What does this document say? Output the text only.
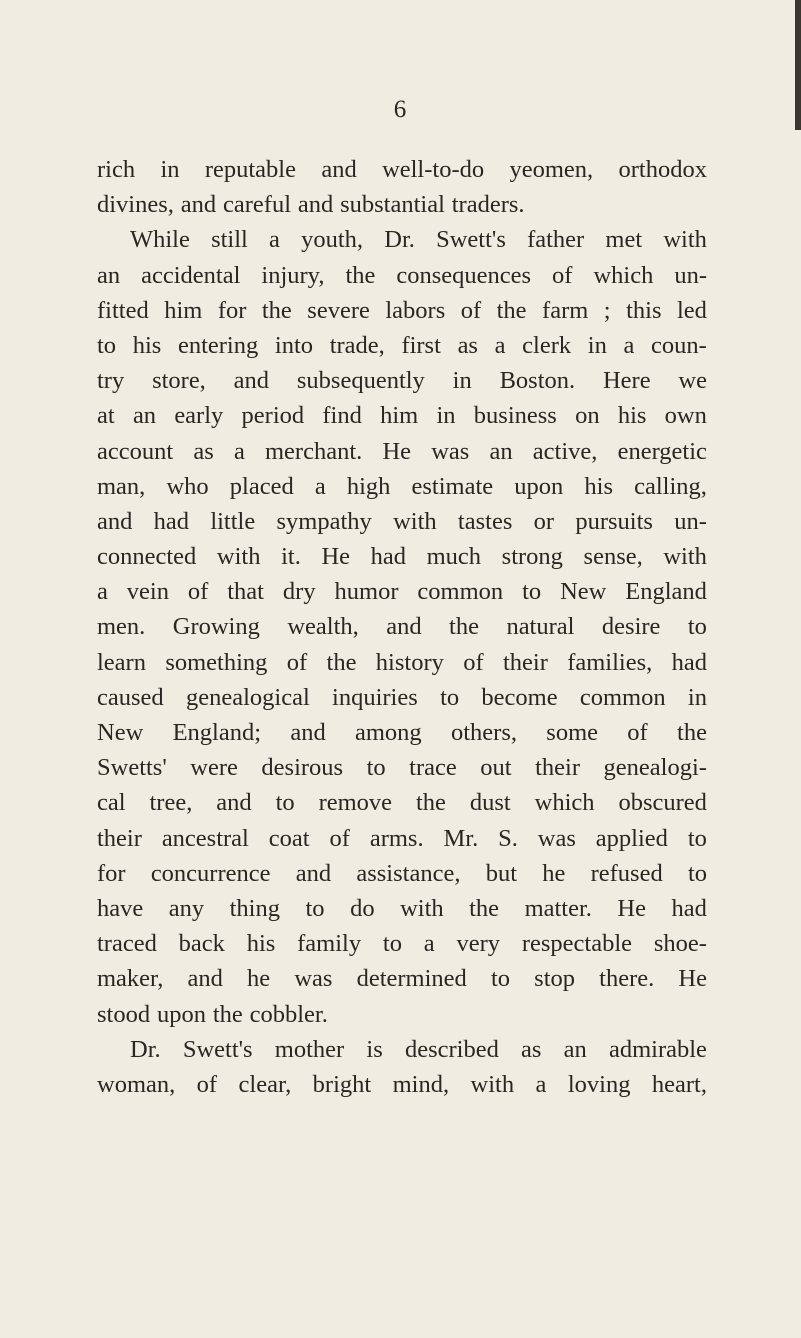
6
rich in reputable and well-to-do yeomen, orthodox
divines, and careful and substantial traders.
While still a youth, Dr. Swett's father met with
an accidental injury, the consequences of which un-
fitted him for the severe labors of the farm ; this led
to his entering into trade, first as a clerk in a coun-
try store, and subsequently in Boston. Here we
at an early period find him in business on his own
account as a merchant. He was an active, energetic
man, who placed a high estimate upon his calling,
and had little sympathy with tastes or pursuits un-
connected with it. He had much strong sense, with
a vein of that dry humor common to New England
men. Growing wealth, and the natural desire to
learn something of the history of their families, had
caused genealogical inquiries to become common in
New England; and among others, some of the
Swetts' were desirous to trace out their genealogi-
cal tree, and to remove the dust which obscured
their ancestral coat of arms. Mr. S. was applied to
for concurrence and assistance, but he refused to
have any thing to do with the matter. He had
traced back his family to a very respectable shoe-
maker, and he was determined to stop there. He
stood upon the cobbler.
Dr. Swett's mother is described as an admirable
woman, of clear, bright mind, with a loving heart,
